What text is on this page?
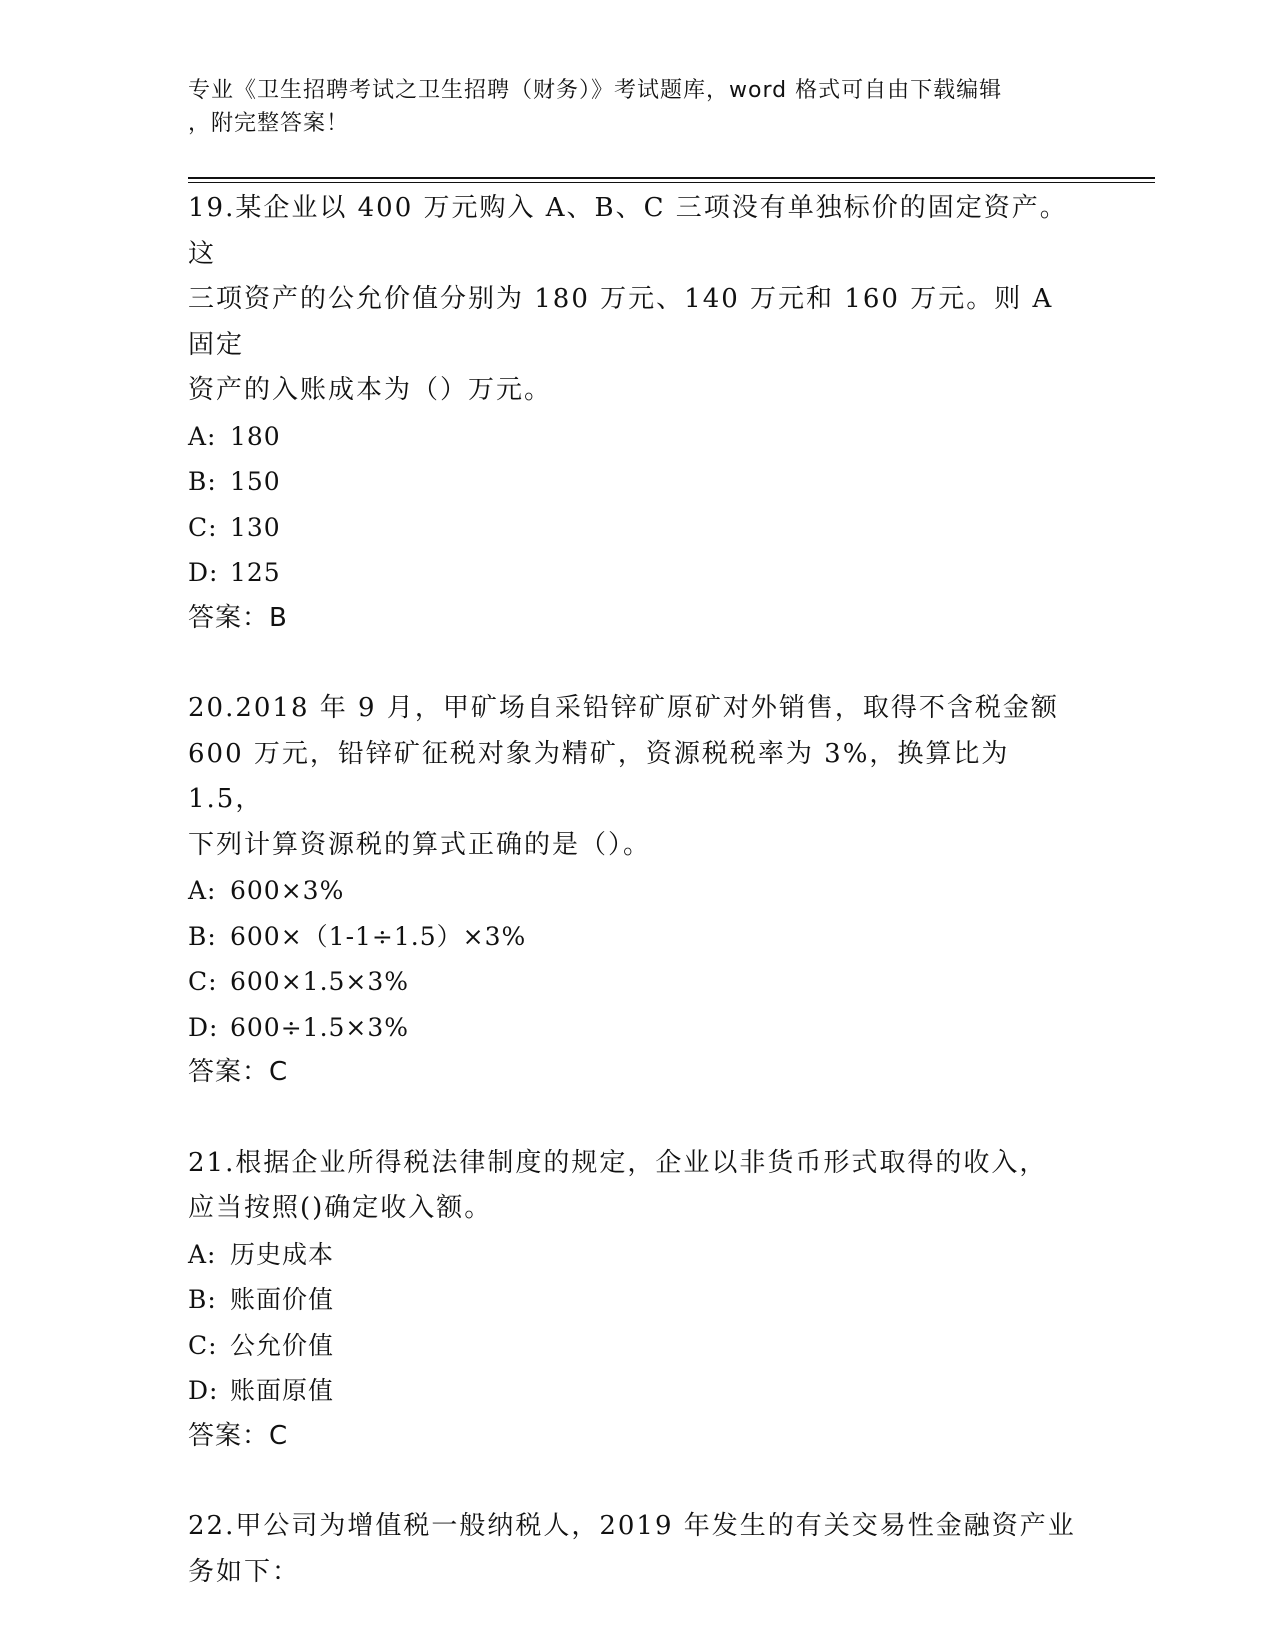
专业《卫生招聘考试之卫生招聘（财务）》考试题库，word 格式可自由下载编辑
，附完整答案！

19.某企业以 400 万元购入 A、B、C 三项没有单独标价的固定资产。这

三项资产的公允价值分别为 180 万元、140 万元和 160 万元。则 A 固定

资产的入账成本为（）万元。

A: 180

B: 150

C: 130

D: 125

答案：B

20.2018 年 9 月，甲矿场自采铅锌矿原矿对外销售，取得不含税金额

600 万元，铅锌矿征税对象为精矿，资源税税率为 3%，换算比为 1.5，

下列计算资源税的算式正确的是（）。

A: 600×3%

B: 600×（1-1÷1.5）×3%

C: 600×1.5×3%

D: 600÷1.5×3%

答案：C

21.根据企业所得税法律制度的规定，企业以非货币形式取得的收入，

应当按照()确定收入额。

A: 历史成本

B: 账面价值

C: 公允价值

D: 账面原值

答案：C

22.甲公司为增值税一般纳税人，2019 年发生的有关交易性金融资产业

务如下：
